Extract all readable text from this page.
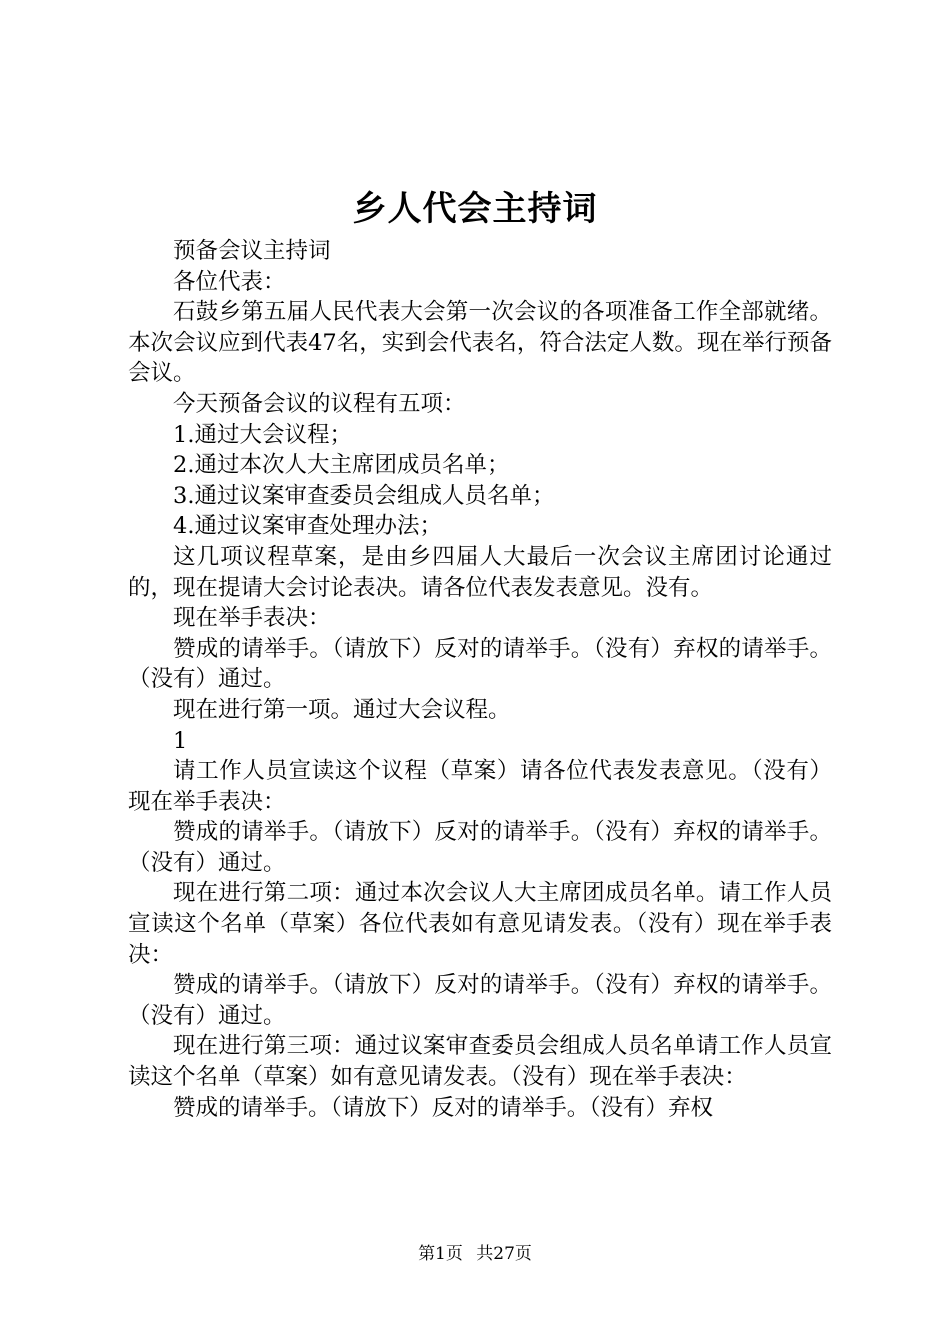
乡人代会主持词

预备会议主持词

各位代表：

石鼓乡第五届人民代表大会第一次会议的各项准备工作全部就绪。本次会议应到代表47名，实到会代表名，符合法定人数。现在举行预备会议。

今天预备会议的议程有五项：

1.通过大会议程；

2.通过本次人大主席团成员名单；

3.通过议案审查委员会组成人员名单；

4.通过议案审查处理办法；

这几项议程草案，是由乡四届人大最后一次会议主席团讨论通过的，现在提请大会讨论表决。请各位代表发表意见。没有。

现在举手表决：

赞成的请举手。（请放下）反对的请举手。（没有）弃权的请举手。（没有）通过。

现在进行第一项。通过大会议程。

1

请工作人员宣读这个议程（草案）请各位代表发表意见。（没有）现在举手表决：

赞成的请举手。（请放下）反对的请举手。（没有）弃权的请举手。（没有）通过。

现在进行第二项：通过本次会议人大主席团成员名单。请工作人员宣读这个名单（草案）各位代表如有意见请发表。（没有）现在举手表决：

赞成的请举手。（请放下）反对的请举手。（没有）弃权的请举手。（没有）通过。

现在进行第三项：通过议案审查委员会组成人员名单请工作人员宣读这个名单（草案）如有意见请发表。（没有）现在举手表决：

赞成的请举手。（请放下）反对的请举手。（没有）弃权

第1页 共27页
